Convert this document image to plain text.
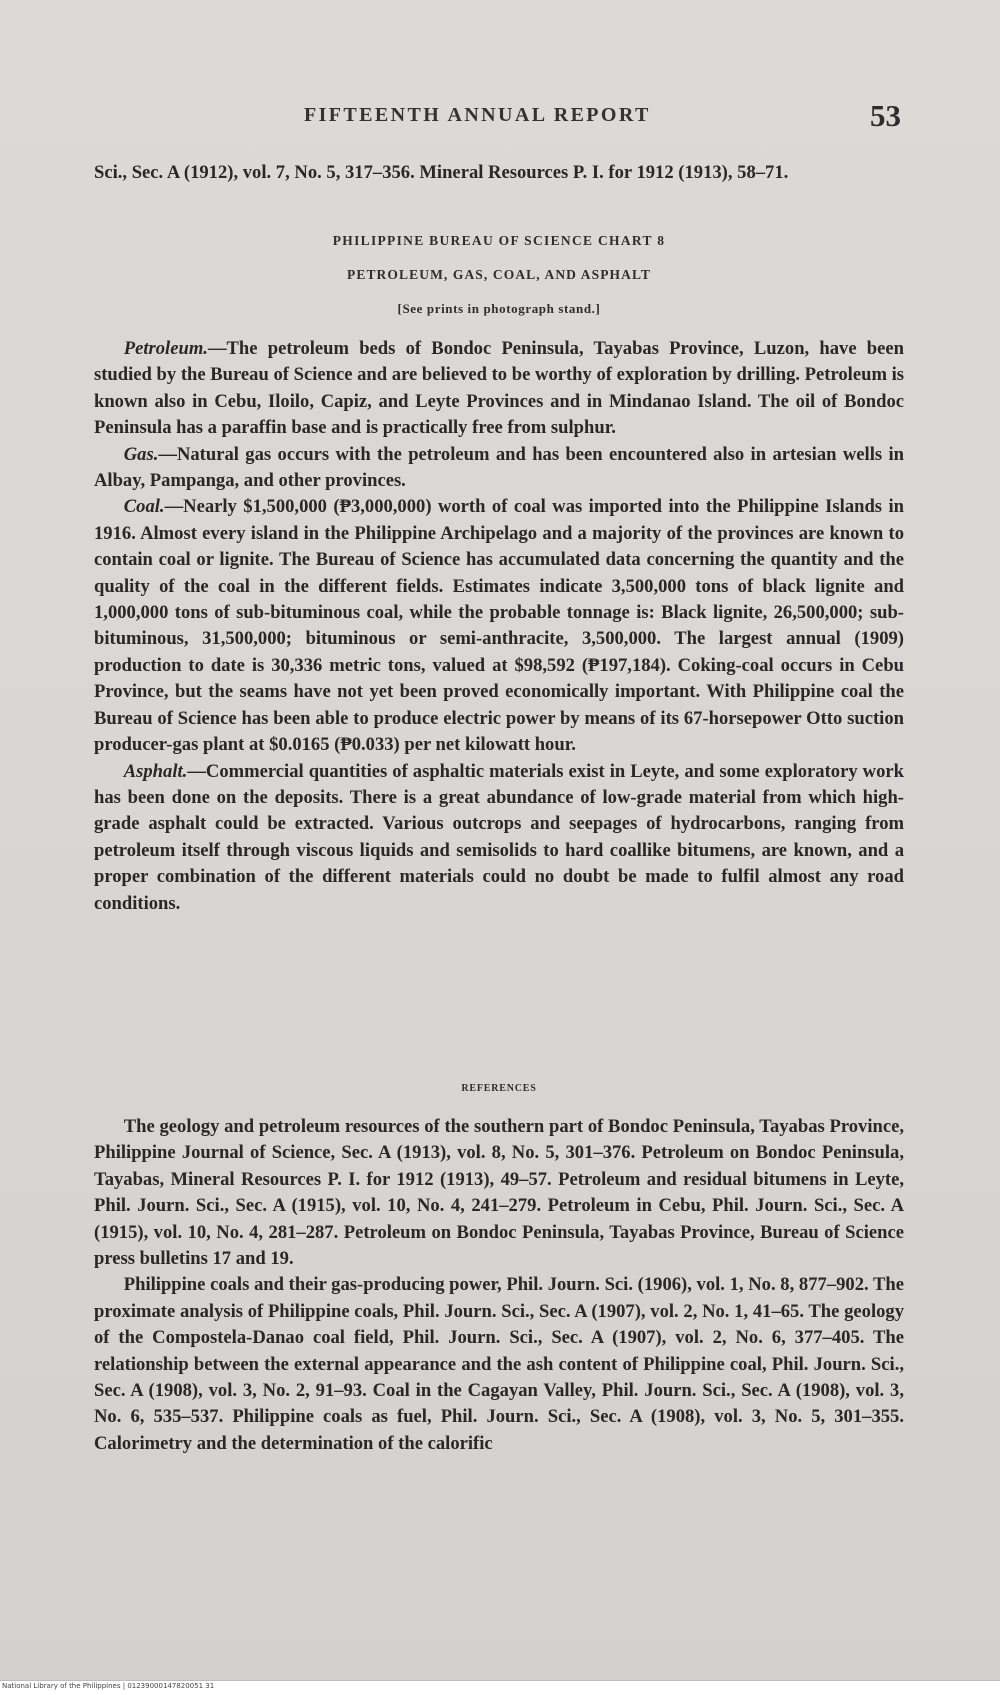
FIFTEENTH ANNUAL REPORT	53
Sci., Sec. A (1912), vol. 7, No. 5, 317–356. Mineral Resources P. I. for 1912 (1913), 58–71.
PHILIPPINE BUREAU OF SCIENCE CHART 8
PETROLEUM, GAS, COAL, AND ASPHALT
[See prints in photograph stand.]

Petroleum.—The petroleum beds of Bondoc Peninsula, Tayabas Province, Luzon, have been studied by the Bureau of Science and are believed to be worthy of exploration by drilling. Petroleum is known also in Cebu, Iloilo, Capiz, and Leyte Provinces and in Mindanao Island. The oil of Bondoc Peninsula has a paraffin base and is practically free from sulphur.

Gas.—Natural gas occurs with the petroleum and has been encountered also in artesian wells in Albay, Pampanga, and other provinces.

Coal.—Nearly $1,500,000 (₱3,000,000) worth of coal was imported into the Philippine Islands in 1916. Almost every island in the Philippine Archipelago and a majority of the provinces are known to contain coal or lignite. The Bureau of Science has accumulated data concerning the quantity and the quality of the coal in the different fields. Estimates indicate 3,500,000 tons of black lignite and 1,000,000 tons of sub-bituminous coal, while the probable tonnage is: Black lignite, 26,500,000; sub-bituminous, 31,500,000; bituminous or semi-anthracite, 3,500,000. The largest annual (1909) production to date is 30,336 metric tons, valued at $98,592 (₱197,184). Coking-coal occurs in Cebu Province, but the seams have not yet been proved economically important. With Philippine coal the Bureau of Science has been able to produce electric power by means of its 67-horsepower Otto suction producer-gas plant at $0.0165 (₱0.033) per net kilowatt hour.

Asphalt.—Commercial quantities of asphaltic materials exist in Leyte, and some exploratory work has been done on the deposits. There is a great abundance of low-grade material from which high-grade asphalt could be extracted. Various outcrops and seepages of hydrocarbons, ranging from petroleum itself through viscous liquids and semisolids to hard coallike bitumens, are known, and a proper combination of the different materials could no doubt be made to fulfil almost any road conditions.

REFERENCES

The geology and petroleum resources of the southern part of Bondoc Peninsula, Tayabas Province, Philippine Journal of Science, Sec. A (1913), vol. 8, No. 5, 301–376. Petroleum on Bondoc Peninsula, Tayabas, Mineral Resources P. I. for 1912 (1913), 49–57. Petroleum and residual bitumens in Leyte, Phil. Journ. Sci., Sec. A (1915), vol. 10, No. 4, 241–279. Petroleum in Cebu, Phil. Journ. Sci., Sec. A (1915), vol. 10, No. 4, 281–287. Petroleum on Bondoc Peninsula, Tayabas Province, Bureau of Science press bulletins 17 and 19.

Philippine coals and their gas-producing power, Phil. Journ. Sci. (1906), vol. 1, No. 8, 877–902. The proximate analysis of Philippine coals, Phil. Journ. Sci., Sec. A (1907), vol. 2, No. 1, 41–65. The geology of the Compostela-Danao coal field, Phil. Journ. Sci., Sec. A (1907), vol. 2, No. 6, 377–405. The relationship between the external appearance and the ash content of Philippine coal, Phil. Journ. Sci., Sec. A (1908), vol. 3, No. 2, 91–93. Coal in the Cagayan Valley, Phil. Journ. Sci., Sec. A (1908), vol. 3, No. 6, 535–537. Philippine coals as fuel, Phil. Journ. Sci., Sec. A (1908), vol. 3, No. 5, 301–355. Calorimetry and the determination of the calorific

National Library of the Philippines | 01239000147820051 31
